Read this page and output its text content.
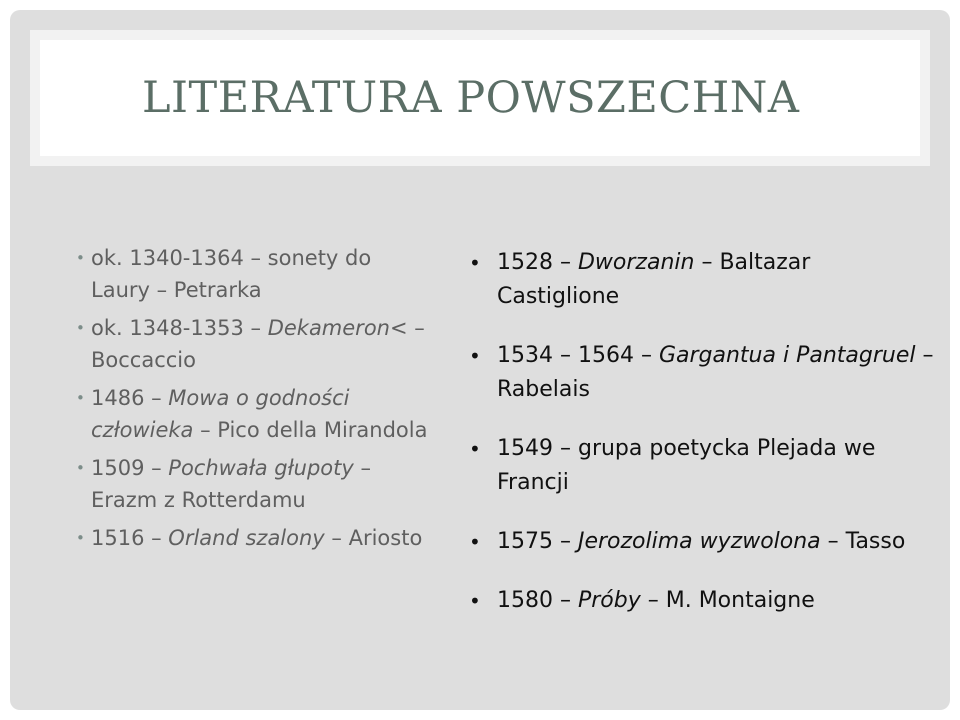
LITERATURA POWSZECHNA
• ok. 1340-1364 – sonety do Laury – Petrarka
• ok. 1348-1353 – Dekameron< – Boccaccio
• 1486 – Mowa o godności człowieka – Pico della Mirandola
• 1509 – Pochwała głupoty – Erazm z Rotterdamu
• 1516 – Orland szalony – Ariosto
• 1528 – Dworzanin – Baltazar Castiglione
• 1534 – 1564 – Gargantua i Pantagruel – Rabelais
• 1549 – grupa poetycka Plejada we Francji
• 1575 – Jerozolima wyzwolona – Tasso
• 1580 – Próby – M. Montaigne
